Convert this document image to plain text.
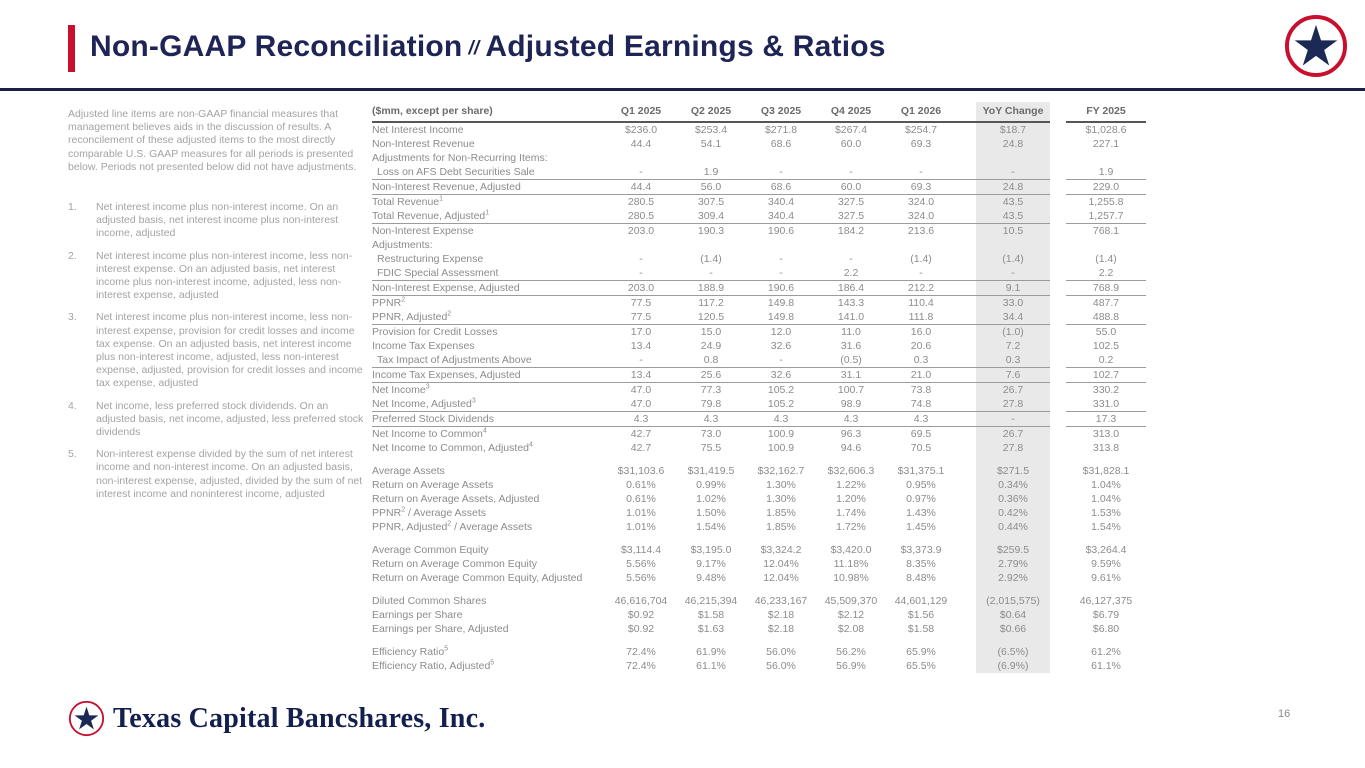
Non-GAAP Reconciliation // Adjusted Earnings & Ratios
Adjusted line items are non-GAAP financial measures that management believes aids in the discussion of results. A reconcilement of these adjusted items to the most directly comparable U.S. GAAP measures for all periods is presented below. Periods not presented below did not have adjustments.
1.	Net interest income plus non-interest income. On an adjusted basis, net interest income plus non-interest income, adjusted
2.	Net interest income plus non-interest income, less non-interest expense. On an adjusted basis, net interest income plus non-interest income, adjusted, less non-interest expense, adjusted
3.	Net interest income plus non-interest income, less non-interest expense, provision for credit losses and income tax expense. On an adjusted basis, net interest income plus non-interest income, adjusted, less non-interest expense, adjusted, provision for credit losses and income tax expense, adjusted
4.	Net income, less preferred stock dividends. On an adjusted basis, net income, adjusted, less preferred stock dividends
5.	Non-interest expense divided by the sum of net interest income and non-interest income. On an adjusted basis, non-interest expense, adjusted, divided by the sum of net interest income and noninterest income, adjusted
($mm, except per share)	Q1 2025	Q2 2025	Q3 2025	Q4 2025	Q1 2026		YoY Change		FY 2025
Net Interest Income	$236.0	$253.4	$271.8	$267.4	$254.7		$18.7		$1,028.6
Non-Interest Revenue	44.4	54.1	68.6	60.0	69.3		24.8		227.1
Adjustments for Non-Recurring Items:									
Loss on AFS Debt Securities Sale	-	1.9	-	-	-		-		1.9
Non-Interest Revenue, Adjusted	44.4	56.0	68.6	60.0	69.3		24.8		229.0
Total Revenue$^1$	280.5	307.5	340.4	327.5	324.0		43.5		1,255.8
Total Revenue, Adjusted$^1$	280.5	309.4	340.4	327.5	324.0		43.5		1,257.7
Non-Interest Expense	203.0	190.3	190.6	184.2	213.6		10.5		768.1
Adjustments:									
Restructuring Expense	-	(1.4)	-	-	(1.4)		(1.4)		(1.4)
FDIC Special Assessment	-	-	-	2.2	-		-		2.2
Non-Interest Expense, Adjusted	203.0	188.9	190.6	186.4	212.2		9.1		768.9
PPNR$^2$	77.5	117.2	149.8	143.3	110.4		33.0		487.7
PPNR, Adjusted$^2$	77.5	120.5	149.8	141.0	111.8		34.4		488.8
Provision for Credit Losses	17.0	15.0	12.0	11.0	16.0		(1.0)		55.0
Income Tax Expenses	13.4	24.9	32.6	31.6	20.6		7.2		102.5
Tax Impact of Adjustments Above	-	0.8	-	(0.5)	0.3		0.3		0.2
Income Tax Expenses, Adjusted	13.4	25.6	32.6	31.1	21.0		7.6		102.7
Net Income$^3$	47.0	77.3	105.2	100.7	73.8		26.7		330.2
Net Income, Adjusted$^3$	47.0	79.8	105.2	98.9	74.8		27.8		331.0
Preferred Stock Dividends	4.3	4.3	4.3	4.3	4.3		-		17.3
Net Income to Common$^4$	42.7	73.0	100.9	96.3	69.5		26.7		313.0
Net Income to Common, Adjusted$^4$	42.7	75.5	100.9	94.6	70.5		27.8		313.8
Average Assets	$31,103.6	$31,419.5	$32,162.7	$32,606.3	$31,375.1		$271.5		$31,828.1
Return on Average Assets	0.61%	0.99%	1.30%	1.22%	0.95%		0.34%		1.04%
Return on Average Assets, Adjusted	0.61%	1.02%	1.30%	1.20%	0.97%		0.36%		1.04%
PPNR$^2$ / Average Assets	1.01%	1.50%	1.85%	1.74%	1.43%		0.42%		1.53%
PPNR, Adjusted$^2$ / Average Assets	1.01%	1.54%	1.85%	1.72%	1.45%		0.44%		1.54%
Average Common Equity	$3,114.4	$3,195.0	$3,324.2	$3,420.0	$3,373.9		$259.5		$3,264.4
Return on Average Common Equity	5.56%	9.17%	12.04%	11.18%	8.35%		2.79%		9.59%
Return on Average Common Equity, Adjusted	5.56%	9.48%	12.04%	10.98%	8.48%		2.92%		9.61%
Diluted Common Shares	46,616,704	46,215,394	46,233,167	45,509,370	44,601,129		(2,015,575)		46,127,375
Earnings per Share	$0.92	$1.58	$2.18	$2.12	$1.56		$0.64		$6.79
Earnings per Share, Adjusted	$0.92	$1.63	$2.18	$2.08	$1.58		$0.66		$6.80
Efficiency Ratio$^5$	72.4%	61.9%	56.0%	56.2%	65.9%		(6.5%)		61.2%
Efficiency Ratio, Adjusted$^5$	72.4%	61.1%	56.0%	56.9%	65.5%		(6.9%)		61.1%
Texas Capital Bancshares, Inc.	16
